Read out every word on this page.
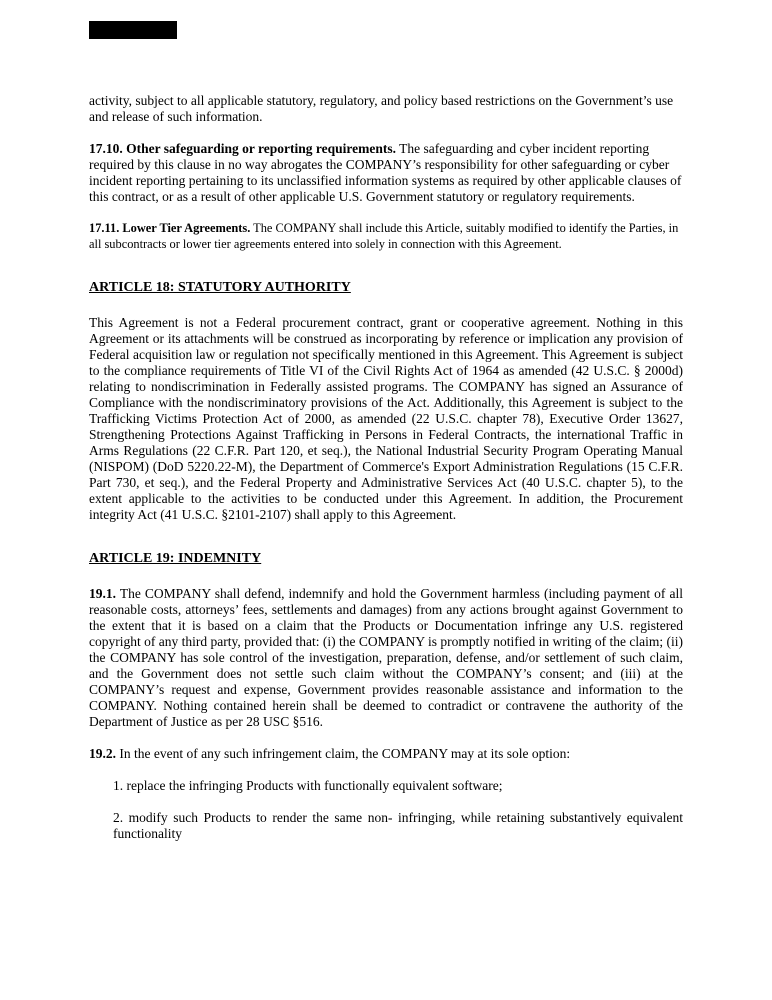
activity, subject to all applicable statutory, regulatory, and policy based restrictions on the Government’s use and release of such information.

17.10. Other safeguarding or reporting requirements. The safeguarding and cyber incident reporting required by this clause in no way abrogates the COMPANY’s responsibility for other safeguarding or cyber incident reporting pertaining to its unclassified information systems as required by other applicable clauses of this contract, or as a result of other applicable U.S. Government statutory or regulatory requirements.

17.11. Lower Tier Agreements. The COMPANY shall include this Article, suitably modified to identify the Parties, in all subcontracts or lower tier agreements entered into solely in connection with this Agreement.

ARTICLE 18: STATUTORY AUTHORITY

This Agreement is not a Federal procurement contract, grant or cooperative agreement. Nothing in this Agreement or its attachments will be construed as incorporating by reference or implication any provision of Federal acquisition law or regulation not specifically mentioned in this Agreement. This Agreement is subject to the compliance requirements of Title VI of the Civil Rights Act of 1964 as amended (42 U.S.C. § 2000d) relating to nondiscrimination in Federally assisted programs. The COMPANY has signed an Assurance of Compliance with the nondiscriminatory provisions of the Act. Additionally, this Agreement is subject to the Trafficking Victims Protection Act of 2000, as amended (22 U.S.C. chapter 78), Executive Order 13627, Strengthening Protections Against Trafficking in Persons in Federal Contracts, the international Traffic in Arms Regulations (22 C.F.R. Part 120, et seq.), the National Industrial Security Program Operating Manual (NISPOM) (DoD 5220.22-M), the Department of Commerce's Export Administration Regulations (15 C.F.R. Part 730, et seq.), and the Federal Property and Administrative Services Act (40 U.S.C. chapter 5), to the extent applicable to the activities to be conducted under this Agreement. In addition, the Procurement integrity Act (41 U.S.C. §2101-2107) shall apply to this Agreement.

ARTICLE 19: INDEMNITY

19.1. The COMPANY shall defend, indemnify and hold the Government harmless (including payment of all reasonable costs, attorneys’ fees, settlements and damages) from any actions brought against Government to the extent that it is based on a claim that the Products or Documentation infringe any U.S. registered copyright of any third party, provided that: (i) the COMPANY is promptly notified in writing of the claim; (ii) the COMPANY has sole control of the investigation, preparation, defense, and/or settlement of such claim, and the Government does not settle such claim without the COMPANY’s consent; and (iii) at the COMPANY’s request and expense, Government provides reasonable assistance and information to the COMPANY. Nothing contained herein shall be deemed to contradict or contravene the authority of the Department of Justice as per 28 USC §516.

19.2. In the event of any such infringement claim, the COMPANY may at its sole option:

1. replace the infringing Products with functionally equivalent software;
2. modify such Products to render the same non- infringing, while retaining substantively equivalent functionality
